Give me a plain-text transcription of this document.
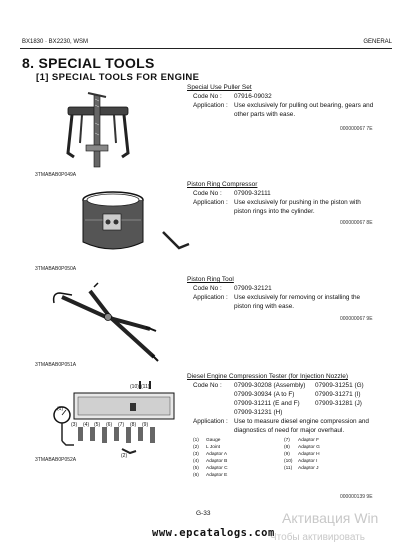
BX1830 · BX2230, WSM	GENERAL
8. SPECIAL TOOLS
[1] SPECIAL TOOLS FOR ENGINE
Special Use Puller Set
Code No : 07916-09032
Application : Use exclusively for pulling out bearing, gears and
other parts with ease.
000000067 7E
3TMABAB0P049A
Piston Ring Compressor
Code No : 07909-32111
Application : Use exclusively for pushing in the piston with
piston rings into the cylinder.
000000067 8E
3TMABAB0P050A
Piston Ring Tool
Code No : 07909-32121
Application : Use exclusively for removing or installing the
piston ring with ease.
000000067 9E
3TMABAB0P051A
Diesel Engine Compression Tester (for Injection Nozzle)
Code No : 07909-30208 (Assembly)
07909-30934 (A to F)
07909-31211 (E and F)
07909-31231 (H)
07909-31251 (G)
07909-31271 (I)
07909-31281 (J)
Application : Use to measure diesel engine compression and
diagnostics of need for major overhaul.
(1) Gauge
(2) L Joint
(3) Adaptor A
(4) Adaptor B
(5) Adaptor C
(6) Adaptor E
(7) Adaptor F
(8) Adaptor G
(9) Adaptor H
(10) Adaptor I
(11) Adaptor J
000000139 9E
(1)
(2)
(3) (4) (5) (6) (7) (8) (9)
(10) (11)
3TMABAB0P052A
G-33	Активация Win
Чтобы активировать
www.epcatalogs.com
